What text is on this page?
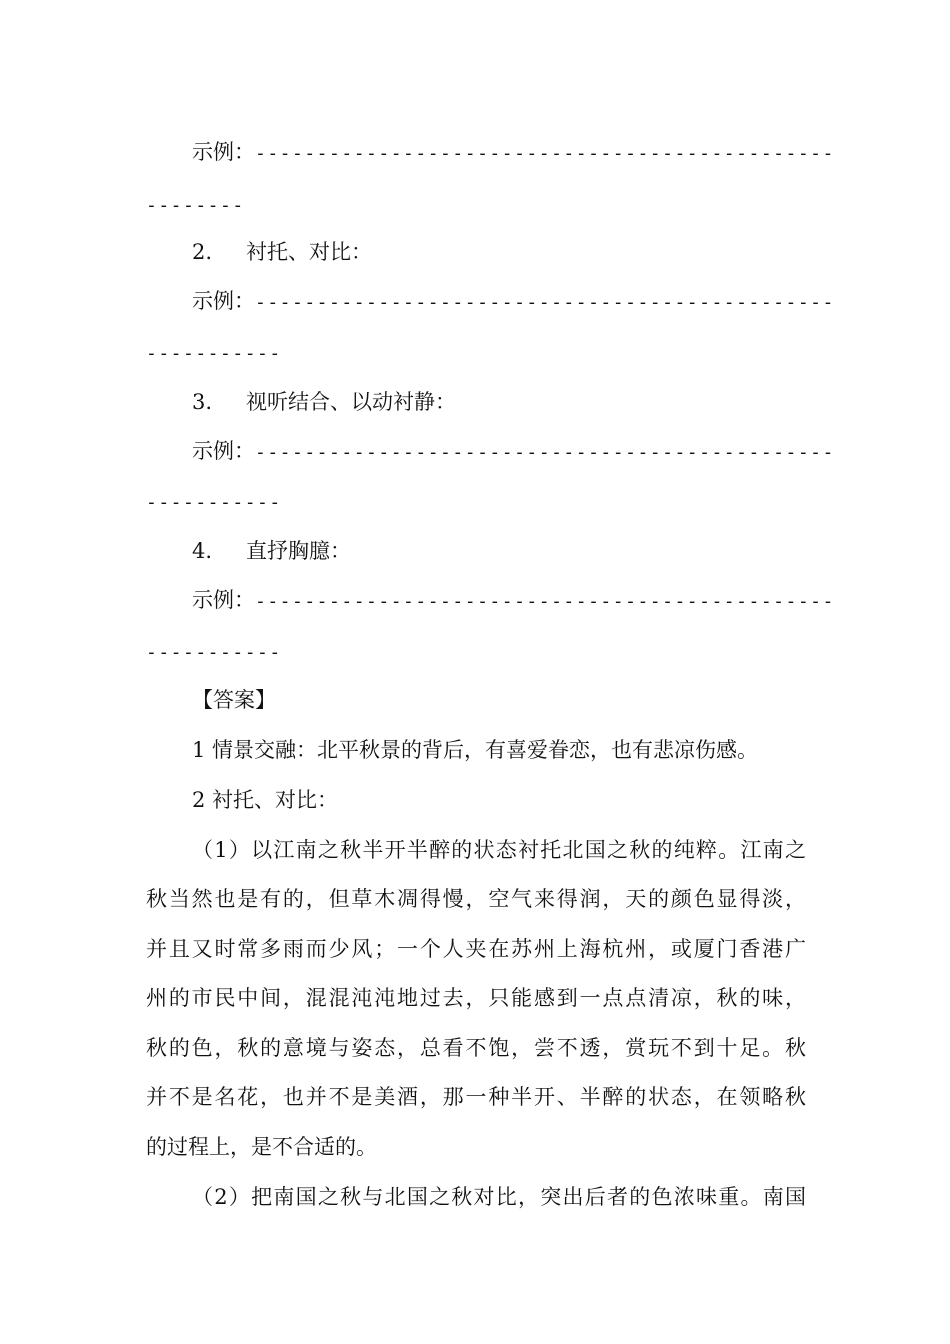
示例：-----------------------------------------------
--------
2. 衬托、对比：
示例：-----------------------------------------------
-----------
3. 视听结合、以动衬静：
示例：-----------------------------------------------
-----------
4. 直抒胸臆：
示例：-----------------------------------------------
-----------
【答案】
1 情景交融：北平秋景的背后，有喜爱眷恋，也有悲凉伤感。
2 衬托、对比：
（1）以江南之秋半开半醉的状态衬托北国之秋的纯粹。江南之
秋当然也是有的，但草木凋得慢，空气来得润，天的颜色显得淡，
并且又时常多雨而少风；一个人夹在苏州上海杭州，或厦门香港广
州的市民中间，混混沌沌地过去，只能感到一点点清凉，秋的味，
秋的色，秋的意境与姿态，总看不饱，尝不透，赏玩不到十足。秋
并不是名花，也并不是美酒，那一种半开、半醉的状态，在领略秋
的过程上，是不合适的。
（2）把南国之秋与北国之秋对比，突出后者的色浓味重。南国
